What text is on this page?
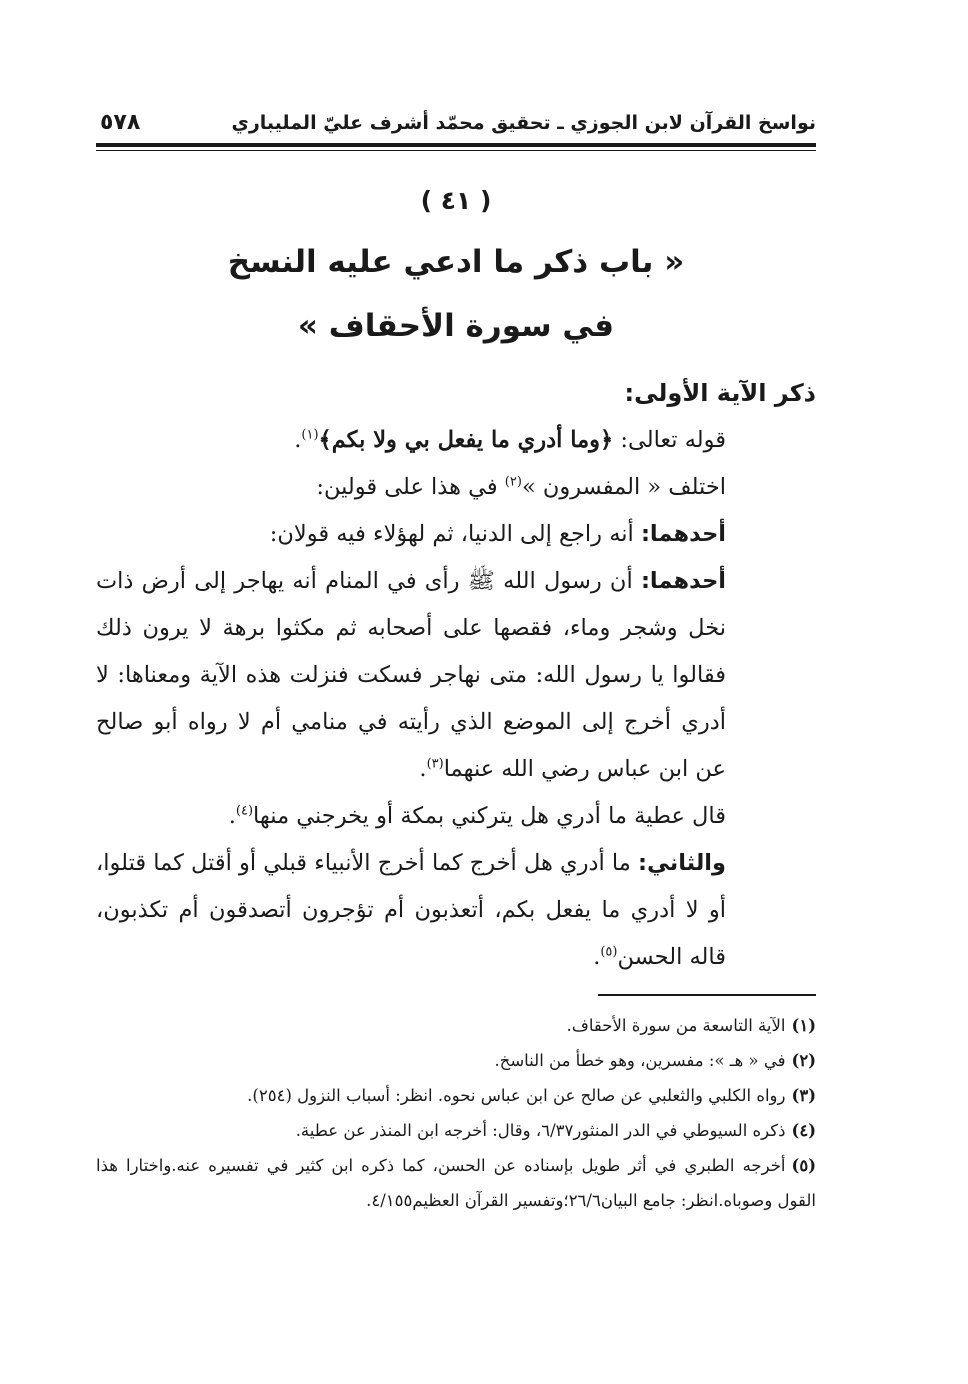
نواسخ القرآن لابن الجوزي ـ تحقيق محمّد أشرف عليّ المليباري
٥٧٨
( ٤١ )
« باب ذكر ما ادعي عليه النسخ
في سورة الأحقاف »

ذكر الآية الأولى:

قوله تعالى: ﴿وما أدري ما يفعل بي ولا بكم﴾$^{(١)}$.

اختلف « المفسرون »$^{(٢)}$ في هذا على قولين:

أحدهما: أنه راجع إلى الدنيا، ثم لهؤلاء فيه قولان:

أحدهما: أن رسول الله ﷺ رأى في المنام أنه يهاجر إلى أرض ذات نخل وشجر وماء، فقصها على أصحابه ثم مكثوا برهة لا يرون ذلك فقالوا يا رسول الله: متى نهاجر فسكت فنزلت هذه الآية ومعناها: لا أدري أخرج إلى الموضع الذي رأيته في منامي أم لا رواه أبو صالح عن ابن عباس رضي الله عنهما$^{(٣)}$.

قال عطية ما أدري هل يتركني بمكة أو يخرجني منها$^{(٤)}$.

والثاني: ما أدري هل أخرج كما أخرج الأنبياء قبلي أو أقتل كما قتلوا، أو لا أدري ما يفعل بكم، أتعذبون أم تؤجرون أتصدقون أم تكذبون، قاله الحسن$^{(٥)}$.

(١)الآية التاسعة من سورة الأحقاف.

(٢)في « هـ »: مفسرين، وهو خطأ من الناسخ.

(٣)رواه الكلبي والثعلبي عن صالح عن ابن عباس نحوه. انظر: أسباب النزول (٢٥٤).

(٤)ذكره السيوطي في الدر المنثور٦/٣٧، وقال: أخرجه ابن المنذر عن عطية.

(٥)أخرجه الطبري في أثر طويل بإسناده عن الحسن، كما ذكره ابن كثير في تفسيره عنه.واختارا هذا القول وصوباه.انظر: جامع البيان٢٦/٦؛وتفسير القرآن العظيم٤/١٥٥.
